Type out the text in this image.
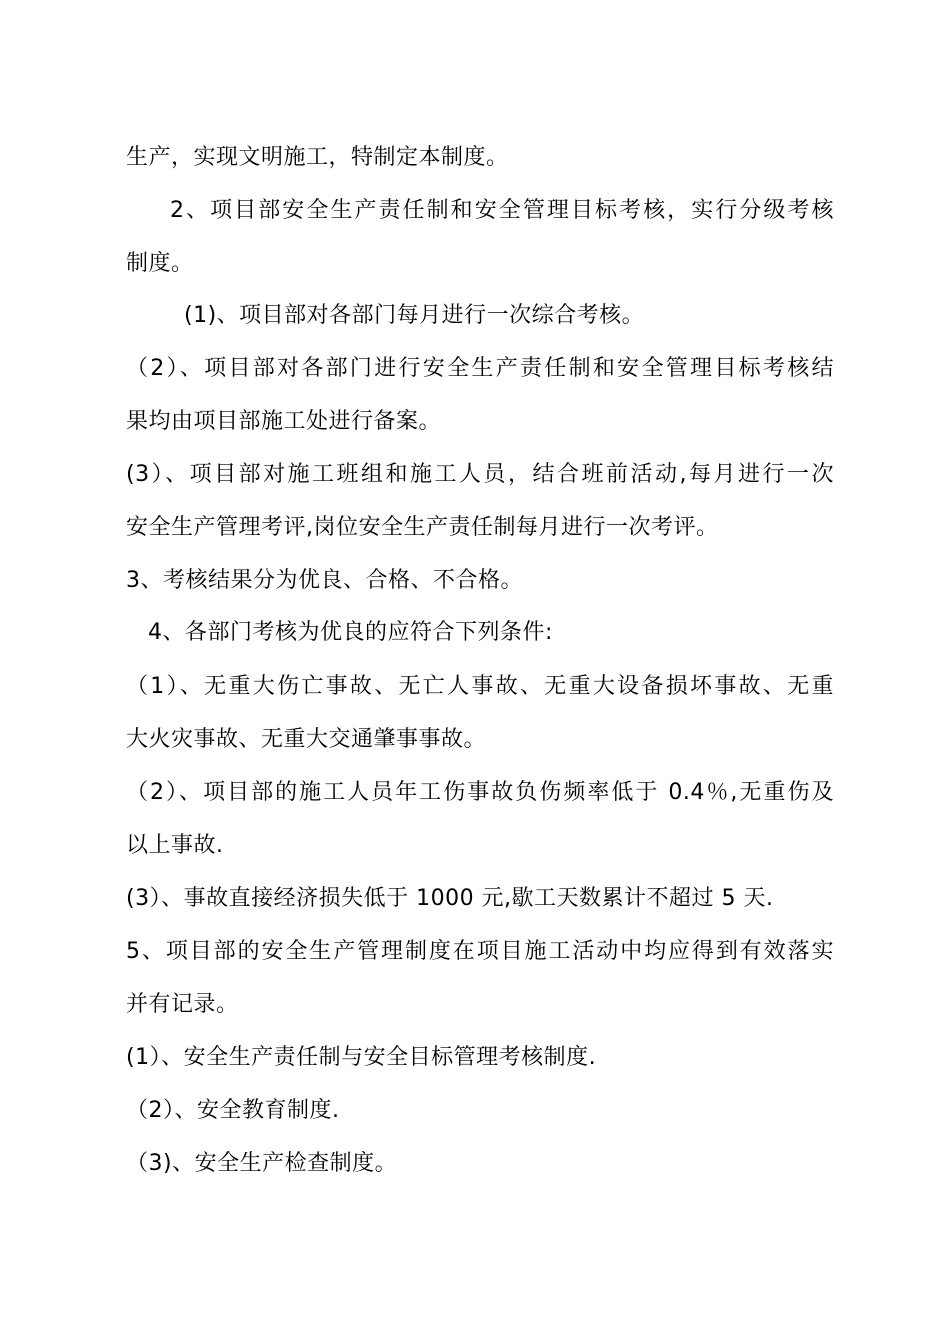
生产，实现文明施工，特制定本制度。
2、项目部安全生产责任制和安全管理目标考核，实行分级考核
制度。
(1)、项目部对各部门每月进行一次综合考核。
（2）、项目部对各部门进行安全生产责任制和安全管理目标考核结
果均由项目部施工处进行备案。
(3）、项目部对施工班组和施工人员，结合班前活动,每月进行一次
安全生产管理考评,岗位安全生产责任制每月进行一次考评。
3、考核结果分为优良、合格、不合格。
4、各部门考核为优良的应符合下列条件:
（1）、无重大伤亡事故、无亡人事故、无重大设备损坏事故、无重
大火灾事故、无重大交通肇事事故。
（2）、项目部的施工人员年工伤事故负伤频率低于 0.4％,无重伤及
以上事故.
(3）、事故直接经济损失低于 1000 元,歇工天数累计不超过 5 天.
5、项目部的安全生产管理制度在项目施工活动中均应得到有效落实
并有记录。
(1）、安全生产责任制与安全目标管理考核制度.
（2）、安全教育制度.
（3)、安全生产检查制度。
